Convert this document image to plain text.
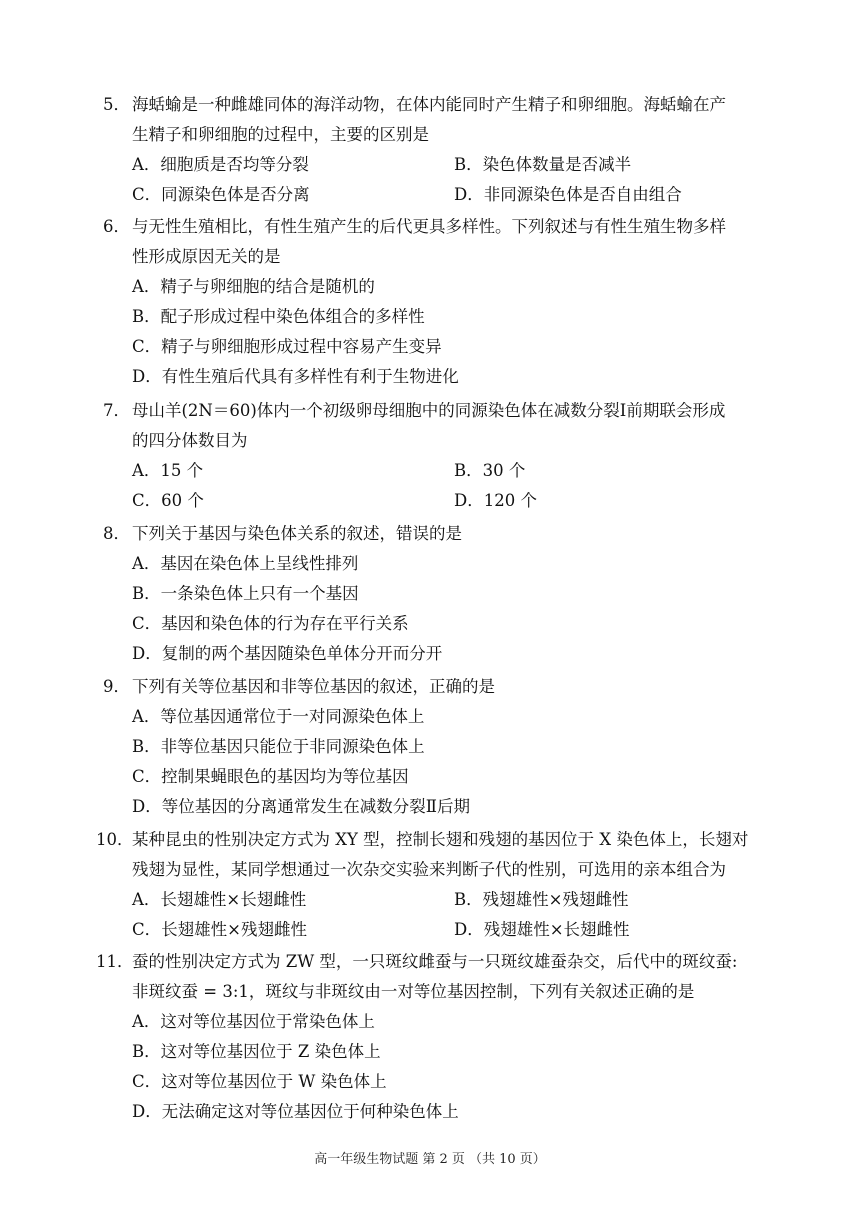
5． 海蛞蝓是一种雌雄同体的海洋动物，在体内能同时产生精子和卵细胞。海蛞蝓在产
生精子和卵细胞的过程中，主要的区别是
A．细胞质是否均等分裂	B．染色体数量是否减半
C．同源染色体是否分离	D．非同源染色体是否自由组合
6． 与无性生殖相比，有性生殖产生的后代更具多样性。下列叙述与有性生殖生物多样
性形成原因无关的是
A．精子与卵细胞的结合是随机的
B．配子形成过程中染色体组合的多样性
C．精子与卵细胞形成过程中容易产生变异
D．有性生殖后代具有多样性有利于生物进化
7． 母山羊(2N＝60)体内一个初级卵母细胞中的同源染色体在减数分裂Ⅰ前期联会形成
的四分体数目为
A．15 个	B．30 个
C．60 个	D．120 个
8． 下列关于基因与染色体关系的叙述，错误的是
A．基因在染色体上呈线性排列
B．一条染色体上只有一个基因
C．基因和染色体的行为存在平行关系
D．复制的两个基因随染色单体分开而分开
9． 下列有关等位基因和非等位基因的叙述，正确的是
A．等位基因通常位于一对同源染色体上
B．非等位基因只能位于非同源染色体上
C．控制果蝇眼色的基因均为等位基因
D．等位基因的分离通常发生在减数分裂Ⅱ后期
10．
某种昆虫的性别决定方式为 XY 型，控制长翅和残翅的基因位于 X 染色体上，长翅对
残翅为显性，某同学想通过一次杂交实验来判断子代的性别，可选用的亲本组合为
A．长翅雄性×长翅雌性	B．残翅雄性×残翅雌性
C．长翅雄性×残翅雌性	D．残翅雄性×长翅雌性
11．
蚕的性别决定方式为 ZW 型，一只斑纹雌蚕与一只斑纹雄蚕杂交，后代中的斑纹蚕:
非斑纹蚕 = 3:1，斑纹与非斑纹由一对等位基因控制，下列有关叙述正确的是
A．这对等位基因位于常染色体上
B．这对等位基因位于 Z 染色体上
C．这对等位基因位于 W 染色体上
D．无法确定这对等位基因位于何种染色体上
高一年级生物试题 第 2 页 （共 10 页）
